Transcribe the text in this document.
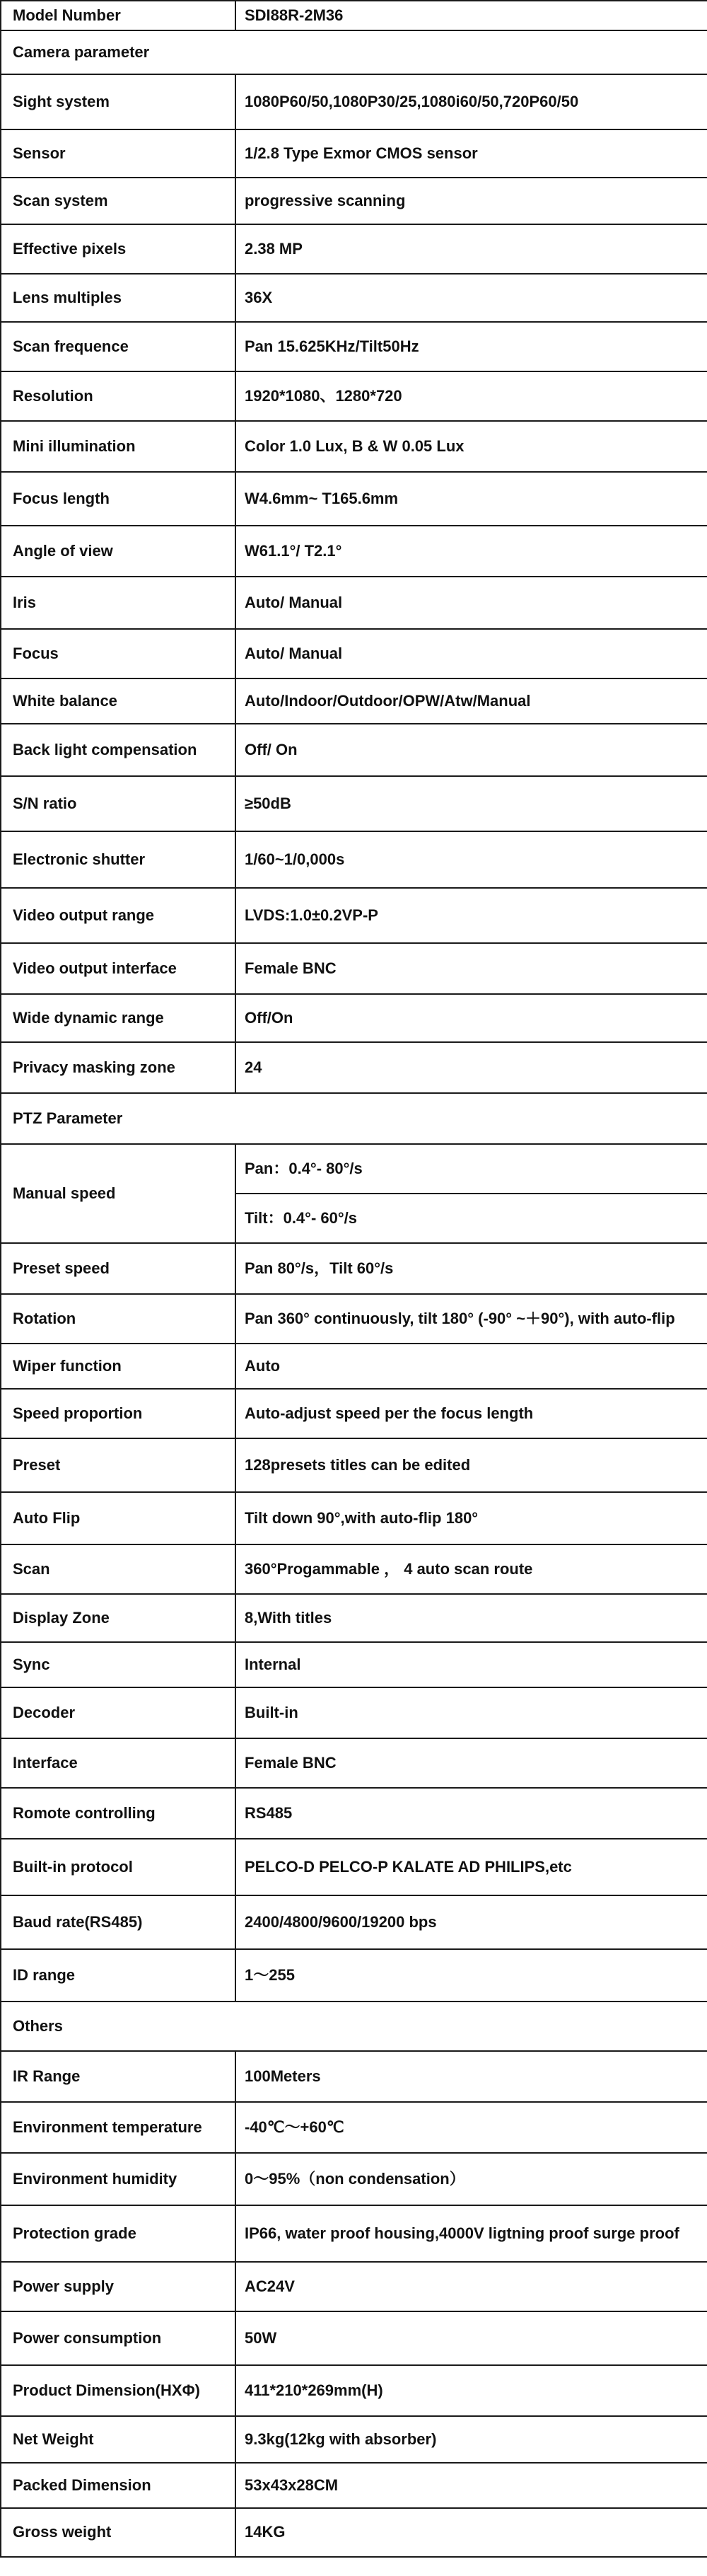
Model Number	SDI88R-2M36
Camera parameter	
Sight system	1080P60/50,1080P30/25,1080i60/50,720P60/50
Sensor	1/2.8 Type Exmor CMOS sensor
Scan system	progressive scanning
Effective pixels	2.38 MP
Lens multiples	36X
Scan frequence	Pan 15.625KHz/Tilt50Hz
Resolution	1920*1080、1280*720
Mini illumination	Color 1.0 Lux, B & W 0.05 Lux
Focus length	W4.6mm~ T165.6mm
Angle of view	W61.1°/ T2.1°
Iris	Auto/ Manual
Focus	Auto/ Manual
White balance	Auto/Indoor/Outdoor/OPW/Atw/Manual
Back light compensation	Off/ On
S/N ratio	≥50dB
Electronic shutter	1/60~1/0,000s
Video output range	LVDS:1.0±0.2VP-P
Video output interface	Female BNC
Wide dynamic range	Off/On
Privacy masking zone	24
PTZ Parameter	
Manual speed	Pan：0.4°- 80°/s
	Tilt：0.4°- 60°/s
Preset speed	Pan 80°/s，Tilt 60°/s
Rotation	Pan 360° continuously, tilt 180° (-90° ~＋90°), with auto-flip
Wiper function	Auto
Speed proportion	Auto-adjust speed per the focus length
Preset	128presets titles can be edited
Auto Flip	Tilt down 90°,with auto-flip 180°
Scan	360°Progammable ， 4 auto scan route
Display Zone	8,With titles
Sync	Internal
Decoder	Built-in
Interface	Female BNC
Romote controlling	RS485
Built-in protocol	PELCO-D PELCO-P KALATE AD PHILIPS,etc
Baud rate(RS485)	2400/4800/9600/19200 bps
ID range	1～255
Others	
IR Range	100Meters
Environment temperature	-40℃～+60℃
Environment humidity	0～95%（non condensation）
Protection grade	IP66, water proof housing,4000V ligtning proof surge proof
Power supply	AC24V
Power consumption	50W
Product Dimension(HXΦ)	411*210*269mm(H)
Net Weight	9.3kg(12kg with absorber)
Packed Dimension	53x43x28CM
Gross weight	14KG
